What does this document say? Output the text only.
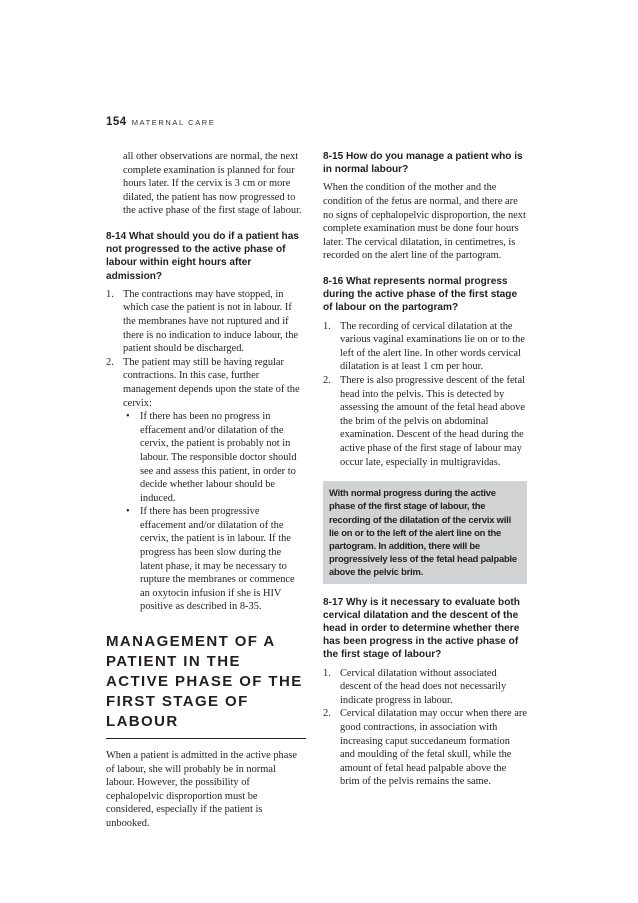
154 MATERNAL CARE

all other observations are normal, the next complete examination is planned for four hours later. If the cervix is 3 cm or more dilated, the patient has now progressed to the active phase of the first stage of labour.

8-14 What should you do if a patient has not progressed to the active phase of labour within eight hours after admission?

1. The contractions may have stopped, in which case the patient is not in labour. If the membranes have not ruptured and if there is no indication to induce labour, the patient should be discharged.
2. The patient may still be having regular contractions. In this case, further management depends upon the state of the cervix:
• If there has been no progress in effacement and/or dilatation of the cervix, the patient is probably not in labour. The responsible doctor should see and assess this patient, in order to decide whether labour should be induced.
• If there has been progressive effacement and/or dilatation of the cervix, the patient is in labour. If the progress has been slow during the latent phase, it may be necessary to rupture the membranes or commence an oxytocin infusion if she is HIV positive as described in 8-35.
MANAGEMENT OF A PATIENT IN THE ACTIVE PHASE OF THE FIRST STAGE OF LABOUR

When a patient is admitted in the active phase of labour, she will probably be in normal labour. However, the possibility of cephalopelvic disproportion must be considered, especially if the patient is unbooked.

8-15 How do you manage a patient who is in normal labour?

When the condition of the mother and the condition of the fetus are normal, and there are no signs of cephalopelvic disproportion, the next complete examination must be done four hours later. The cervical dilatation, in centimetres, is recorded on the alert line of the partogram.

8-16 What represents normal progress during the active phase of the first stage of labour on the partogram?

1. The recording of cervical dilatation at the various vaginal examinations lie on or to the left of the alert line. In other words cervical dilatation is at least 1 cm per hour.
2. There is also progressive descent of the fetal head into the pelvis. This is detected by assessing the amount of the fetal head above the brim of the pelvis on abdominal examination. Descent of the head during the active phase of the first stage of labour may occur late, especially in multigravidas.

With normal progress during the active phase of the first stage of labour, the recording of the dilatation of the cervix will lie on or to the left of the alert line on the partogram. In addition, there will be progressively less of the fetal head palpable above the pelvic brim.

8-17 Why is it necessary to evaluate both cervical dilatation and the descent of the head in order to determine whether there has been progress in the active phase of the first stage of labour?

1. Cervical dilatation without associated descent of the head does not necessarily indicate progress in labour.
2. Cervical dilatation may occur when there are good contractions, in association with increasing caput succedaneum formation and moulding of the fetal skull, while the amount of fetal head palpable above the brim of the pelvis remains the same.
